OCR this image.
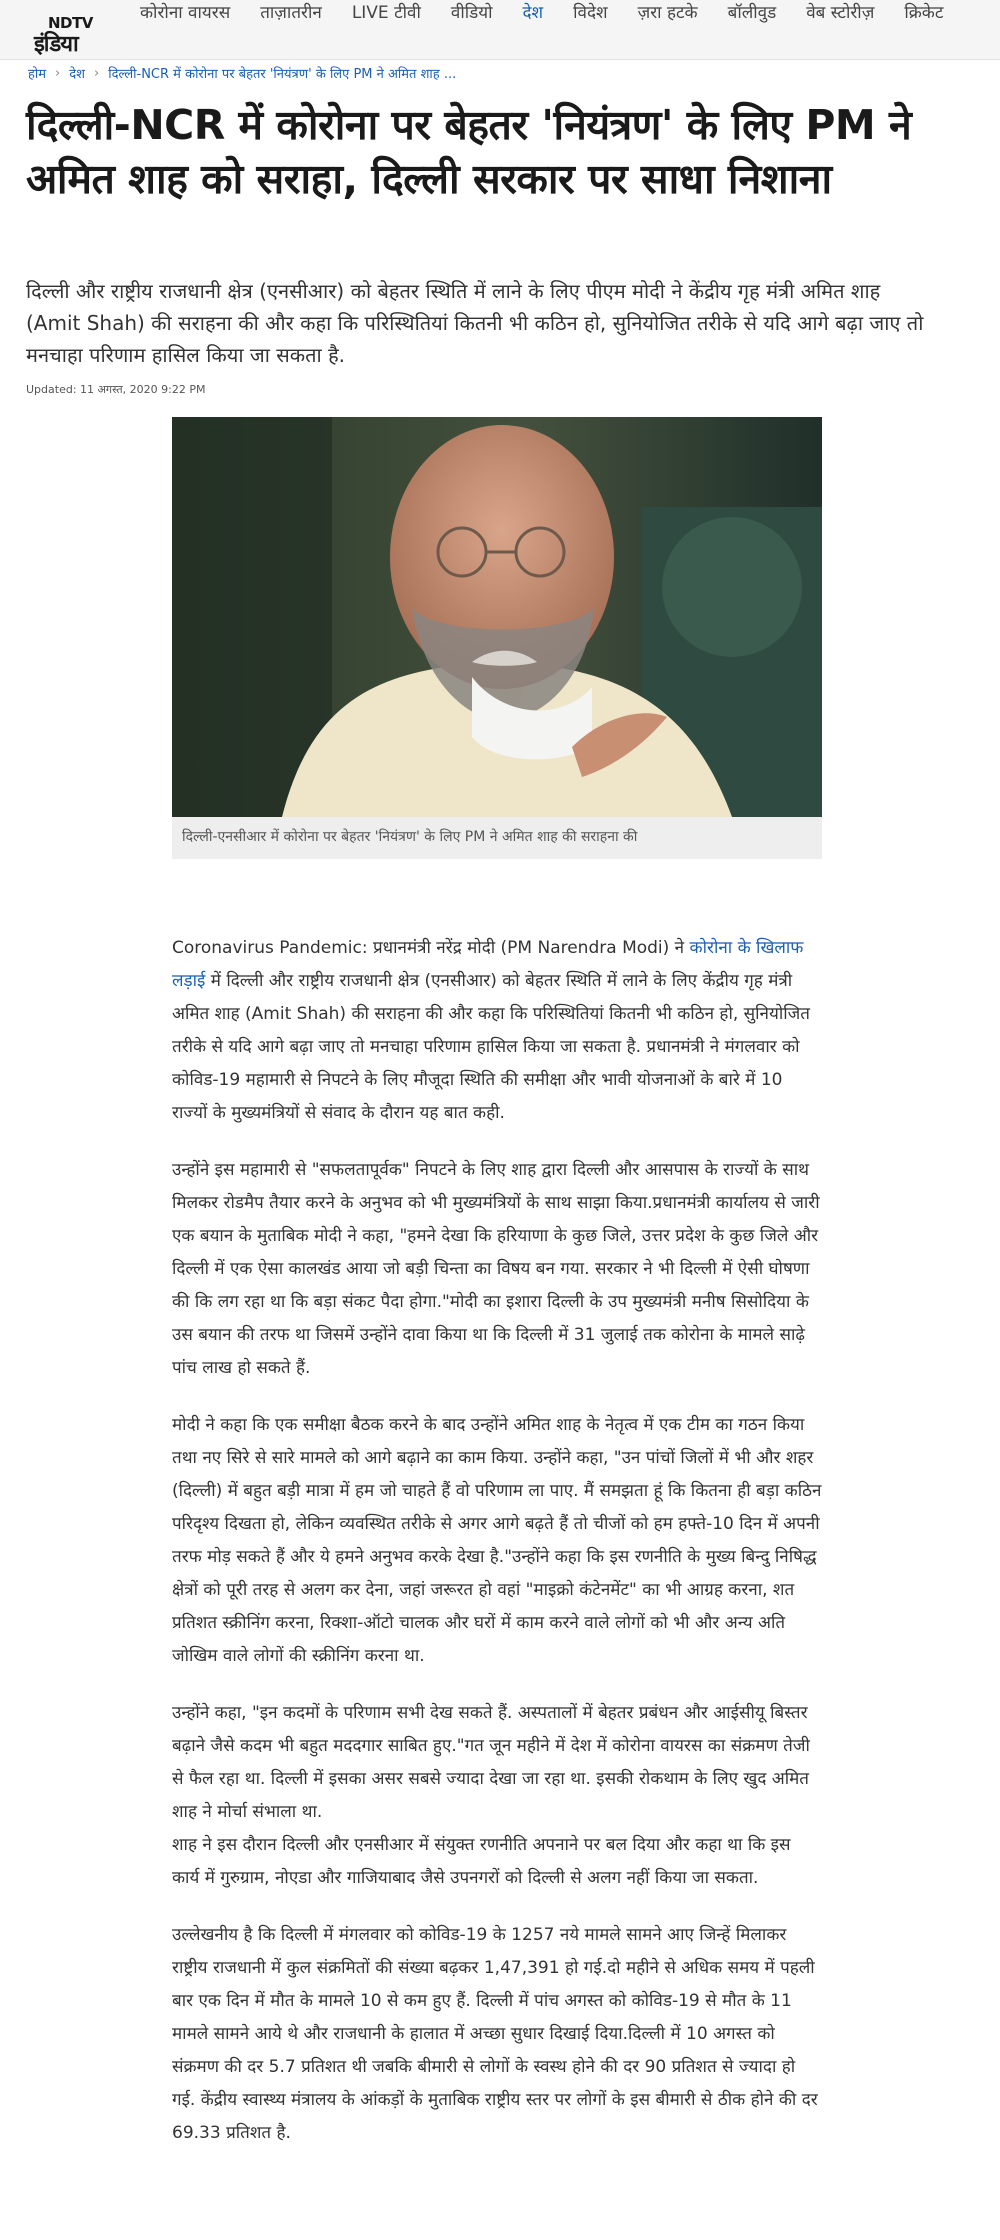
NDTV
इंडिया
कोरोना वायरस ताज़ातरीन LIVE टीवी वीडियो देश विदेश ज़रा हटके बॉलीवुड वेब स्टोरीज़ क्रिकेट
होम › देश › दिल्ली-NCR में कोरोना पर बेहतर 'नियंत्रण' के लिए PM ने अमित शाह ...
दिल्ली-NCR में कोरोना पर बेहतर 'नियंत्रण' के लिए PM ने अमित शाह को सराहा, दिल्ली सरकार पर साधा निशाना

दिल्ली और राष्ट्रीय राजधानी क्षेत्र (एनसीआर) को बेहतर स्थिति में लाने के लिए पीएम मोदी ने केंद्रीय गृह मंत्री अमित शाह (Amit Shah) की सराहना की और कहा कि परिस्थितियां कितनी भी कठिन हो, सुनियोजित तरीके से यदि आगे बढ़ा जाए तो मनचाहा परिणाम हासिल किया जा सकता है.

Updated: 11 अगस्त, 2020 9:22 PM
दिल्ली-एनसीआर में कोरोना पर बेहतर 'नियंत्रण' के लिए PM ने अमित शाह की सराहना की

Coronavirus Pandemic: प्रधानमंत्री नरेंद्र मोदी (PM Narendra Modi) ने कोरोना के खिलाफ लड़ाई में दिल्ली और राष्ट्रीय राजधानी क्षेत्र (एनसीआर) को बेहतर स्थिति में लाने के लिए केंद्रीय गृह मंत्री अमित शाह (Amit Shah) की सराहना की और कहा कि परिस्थितियां कितनी भी कठिन हो, सुनियोजित तरीके से यदि आगे बढ़ा जाए तो मनचाहा परिणाम हासिल किया जा सकता है. प्रधानमंत्री ने मंगलवार को कोविड-19 महामारी से निपटने के लिए मौजूदा स्थिति की समीक्षा और भावी योजनाओं के बारे में 10 राज्यों के मुख्यमंत्रियों से संवाद के दौरान यह बात कही.

उन्होंने इस महामारी से "सफलतापूर्वक" निपटने के लिए शाह द्वारा दिल्ली और आसपास के राज्यों के साथ मिलकर रोडमैप तैयार करने के अनुभव को भी मुख्यमंत्रियों के साथ साझा किया.प्रधानमंत्री कार्यालय से जारी एक बयान के मुताबिक मोदी ने कहा, "हमने देखा कि हरियाणा के कुछ जिले, उत्तर प्रदेश के कुछ जिले और दिल्ली में एक ऐसा कालखंड आया जो बड़ी चिन्ता का विषय बन गया. सरकार ने भी दिल्ली में ऐसी घोषणा की कि लग रहा था कि बड़ा संकट पैदा होगा."मोदी का इशारा दिल्ली के उप मुख्यमंत्री मनीष सिसोदिया के उस बयान की तरफ था जिसमें उन्होंने दावा किया था कि दिल्ली में 31 जुलाई तक कोरोना के मामले साढ़े पांच लाख हो सकते हैं.

मोदी ने कहा कि एक समीक्षा बैठक करने के बाद उन्होंने अमित शाह के नेतृत्व में एक टीम का गठन किया तथा नए सिरे से सारे मामले को आगे बढ़ाने का काम किया. उन्होंने कहा, "उन पांचों जिलों में भी और शहर (दिल्ली) में बहुत बड़ी मात्रा में हम जो चाहते हैं वो परिणाम ला पाए. मैं समझता हूं कि कितना ही बड़ा कठिन परिदृश्य दिखता हो, लेकिन व्यवस्थित तरीके से अगर आगे बढ़ते हैं तो चीजों को हम हफ्ते-10 दिन में अपनी तरफ मोड़ सकते हैं और ये हमने अनुभव करके देखा है."उन्होंने कहा कि इस रणनीति के मुख्य बिन्दु निषिद्ध क्षेत्रों को पूरी तरह से अलग कर देना, जहां जरूरत हो वहां "माइक्रो कंटेनमेंट" का भी आग्रह करना, शत प्रतिशत स्क्रीनिंग करना, रिक्शा-ऑटो चालक और घरों में काम करने वाले लोगों को भी और अन्य अति जोखिम वाले लोगों की स्क्रीनिंग करना था.

उन्होंने कहा, "इन कदमों के परिणाम सभी देख सकते हैं. अस्पतालों में बेहतर प्रबंधन और आईसीयू बिस्तर बढ़ाने जैसे कदम भी बहुत मददगार साबित हुए."गत जून महीने में देश में कोरोना वायरस का संक्रमण तेजी से फैल रहा था. दिल्ली में इसका असर सबसे ज्यादा देखा जा रहा था. इसकी रोकथाम के लिए खुद अमित शाह ने मोर्चा संभाला था.
शाह ने इस दौरान दिल्ली और एनसीआर में संयुक्त रणनीति अपनाने पर बल दिया और कहा था कि इस कार्य में गुरुग्राम, नोएडा और गाजियाबाद जैसे उपनगरों को दिल्ली से अलग नहीं किया जा सकता.

उल्लेखनीय है कि दिल्ली में मंगलवार को कोविड-19 के 1257 नये मामले सामने आए जिन्हें मिलाकर राष्ट्रीय राजधानी में कुल संक्रमितों की संख्या बढ़कर 1,47,391 हो गई.दो महीने से अधिक समय में पहली बार एक दिन में मौत के मामले 10 से कम हुए हैं. दिल्ली में पांच अगस्त को कोविड-19 से मौत के 11 मामले सामने आये थे और राजधानी के हालात में अच्छा सुधार दिखाई दिया.दिल्ली में 10 अगस्त को संक्रमण की दर 5.7 प्रतिशत थी जबकि बीमारी से लोगों के स्वस्थ होने की दर 90 प्रतिशत से ज्यादा हो गई. केंद्रीय स्वास्थ्य मंत्रालय के आंकड़ों के मुताबिक राष्ट्रीय स्तर पर लोगों के इस बीमारी से ठीक होने की दर 69.33 प्रतिशत है.
